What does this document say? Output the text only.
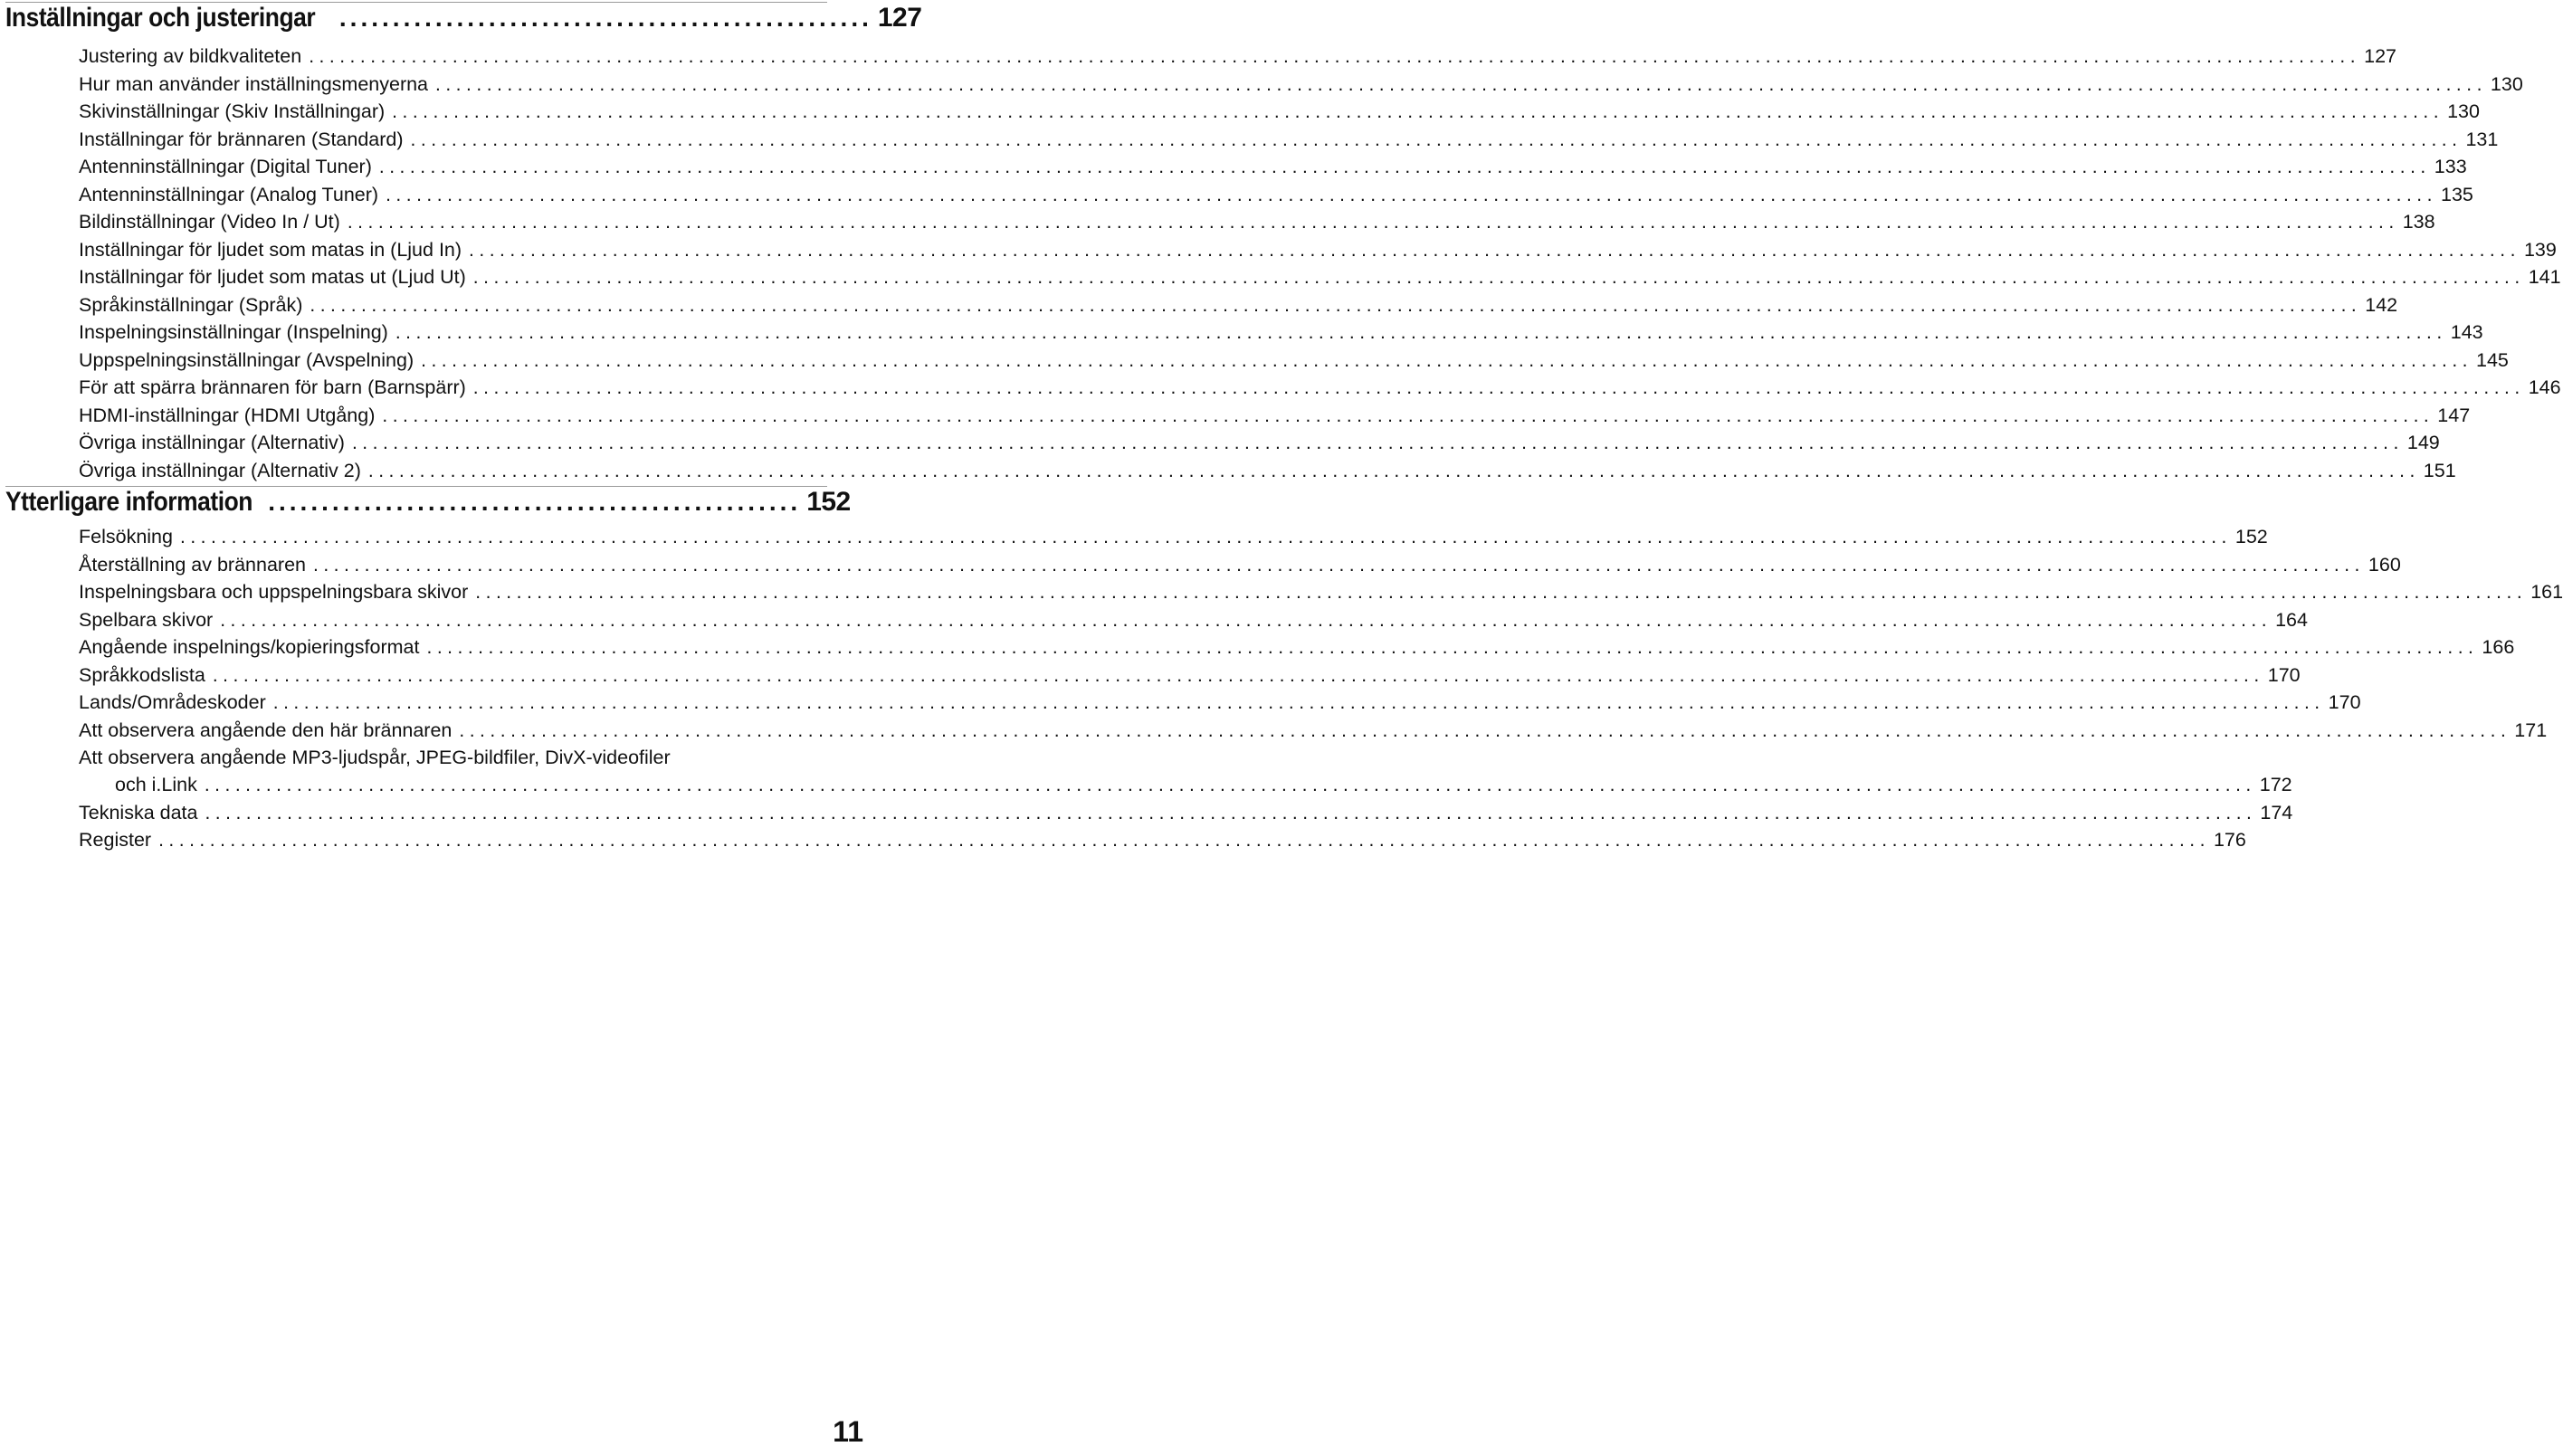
Inställningar och justeringar .................................................. 127
Justering av bildkvaliteten ........................................................................................................................................................................................................ 127
Hur man använder inställningsmenyerna ........................................................................................................................................................................................................ 130
Skivinställningar (Skiv Inställningar) ........................................................................................................................................................................................................ 130
Inställningar för brännaren (Standard) ........................................................................................................................................................................................................ 131
Antenninställningar (Digital Tuner) ........................................................................................................................................................................................................ 133
Antenninställningar (Analog Tuner) ........................................................................................................................................................................................................ 135
Bildinställningar (Video In / Ut) ........................................................................................................................................................................................................ 138
Inställningar för ljudet som matas in (Ljud In) ........................................................................................................................................................................................................ 139
Inställningar för ljudet som matas ut (Ljud Ut) ........................................................................................................................................................................................................ 141
Språkinställningar (Språk) ........................................................................................................................................................................................................ 142
Inspelningsinställningar (Inspelning) ........................................................................................................................................................................................................ 143
Uppspelningsinställningar (Avspelning) ........................................................................................................................................................................................................ 145
För att spärra brännaren för barn (Barnspärr) ........................................................................................................................................................................................................ 146
HDMI-inställningar (HDMI Utgång) ........................................................................................................................................................................................................ 147
Övriga inställningar (Alternativ) ........................................................................................................................................................................................................ 149
Övriga inställningar (Alternativ 2) ........................................................................................................................................................................................................ 151
Ytterligare information .................................................. 152
Felsökning ........................................................................................................................................................................................................ 152
Återställning av brännaren ........................................................................................................................................................................................................ 160
Inspelningsbara och uppspelningsbara skivor ........................................................................................................................................................................................................ 161
Spelbara skivor ........................................................................................................................................................................................................ 164
Angående inspelnings/kopieringsformat ........................................................................................................................................................................................................ 166
Språkkodslista ........................................................................................................................................................................................................ 170
Lands/Områdeskoder ........................................................................................................................................................................................................ 170
Att observera angående den här brännaren ........................................................................................................................................................................................................ 171
Att observera angående MP3-ljudspår, JPEG-bildfiler, DivX-videofiler
och i.Link ........................................................................................................................................................................................................ 172
Tekniska data ........................................................................................................................................................................................................ 174
Register ........................................................................................................................................................................................................ 176
11
